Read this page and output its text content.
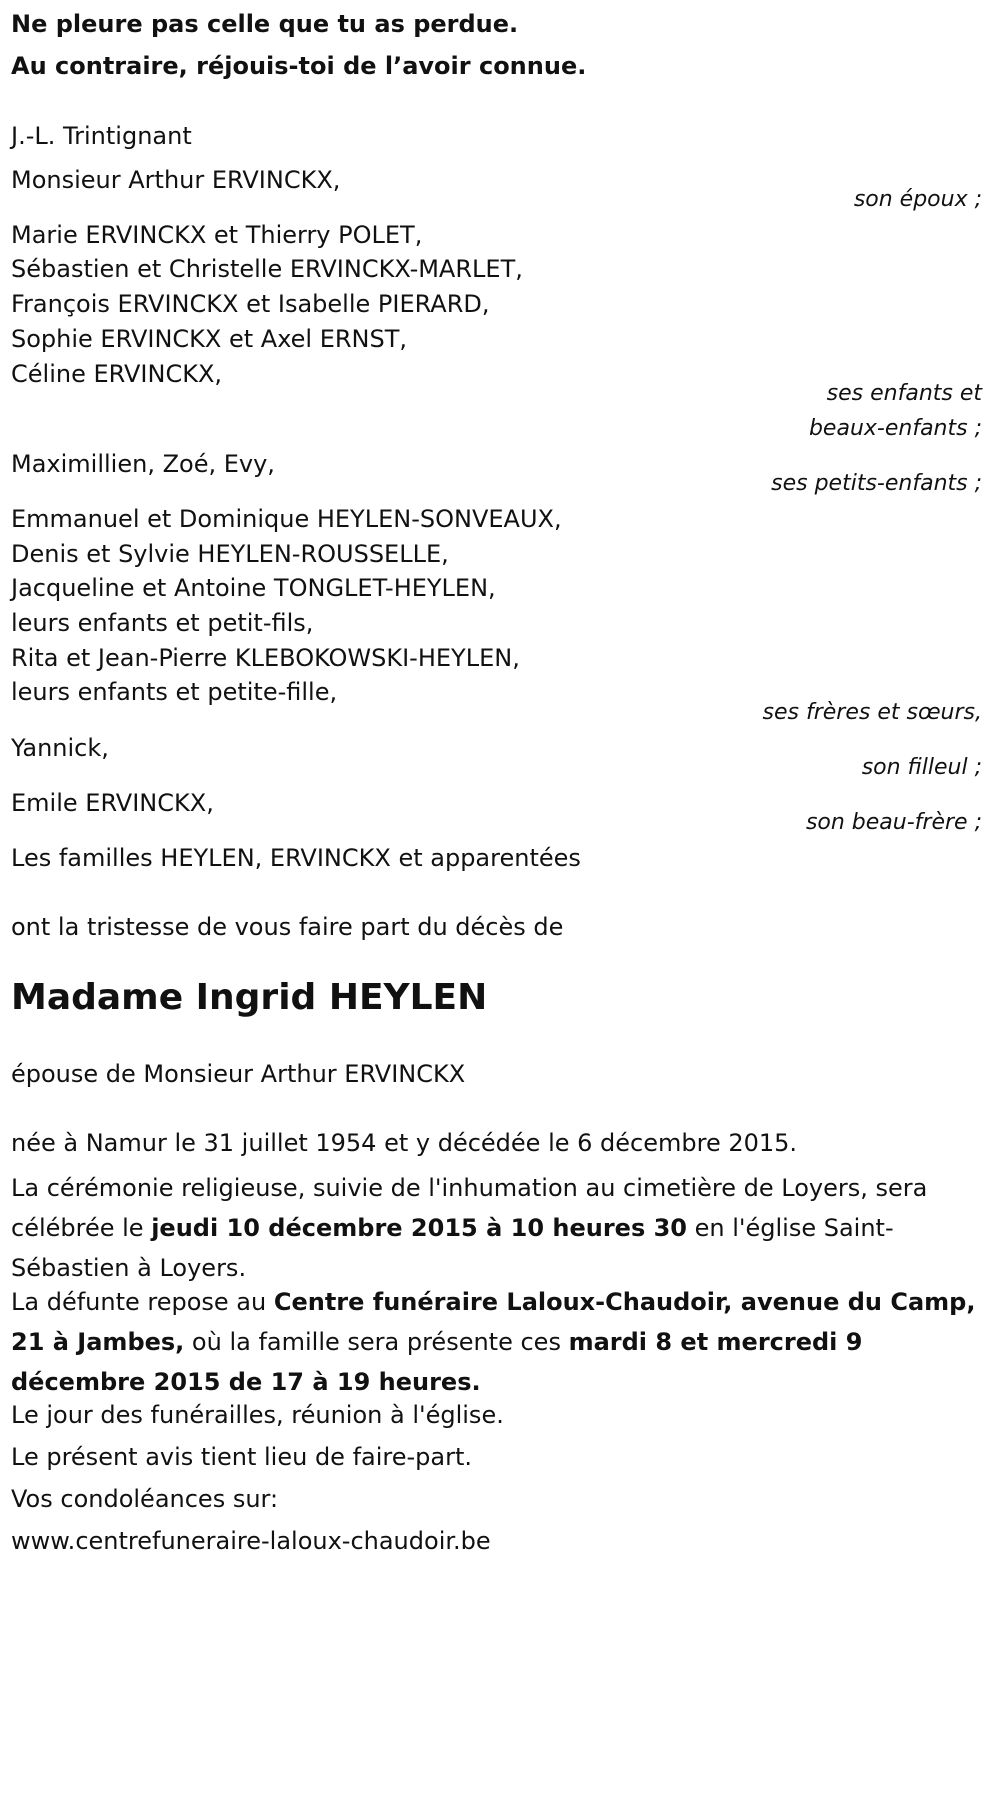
Ne pleure pas celle que tu as perdue.
Au contraire, réjouis-toi de l’avoir connue.
J.-L. Trintignant
Monsieur Arthur ERVINCKX,
son époux ;
Marie ERVINCKX et Thierry POLET,
Sébastien et Christelle ERVINCKX-MARLET,
François ERVINCKX et Isabelle PIERARD,
Sophie ERVINCKX et Axel ERNST,
Céline ERVINCKX,
ses enfants et
beaux-enfants ;
Maximillien, Zoé, Evy,
ses petits-enfants ;
Emmanuel et Dominique HEYLEN-SONVEAUX,
Denis et Sylvie HEYLEN-ROUSSELLE,
Jacqueline et Antoine TONGLET-HEYLEN,
leurs enfants et petit-fils,
Rita et Jean-Pierre KLEBOKOWSKI-HEYLEN,
leurs enfants et petite-fille,
ses frères et sœurs,
Yannick,
son filleul ;
Emile ERVINCKX,
son beau-frère ;
Les familles HEYLEN, ERVINCKX et apparentées
ont la tristesse de vous faire part du décès de
Madame Ingrid HEYLEN
épouse de Monsieur Arthur ERVINCKX
née à Namur le 31 juillet 1954 et y décédée le 6 décembre 2015.
La cérémonie religieuse, suivie de l'inhumation au cimetière de Loyers, sera célébrée le jeudi 10 décembre 2015 à 10 heures 30 en l'église Saint-Sébastien à Loyers.
La défunte repose au Centre funéraire Laloux-Chaudoir, avenue du Camp, 21 à Jambes, où la famille sera présente ces mardi 8 et mercredi 9 décembre 2015 de 17 à 19 heures.
Le jour des funérailles, réunion à l'église.
Le présent avis tient lieu de faire-part.
Vos condoléances sur:
www.centrefuneraire-laloux-chaudoir.be
